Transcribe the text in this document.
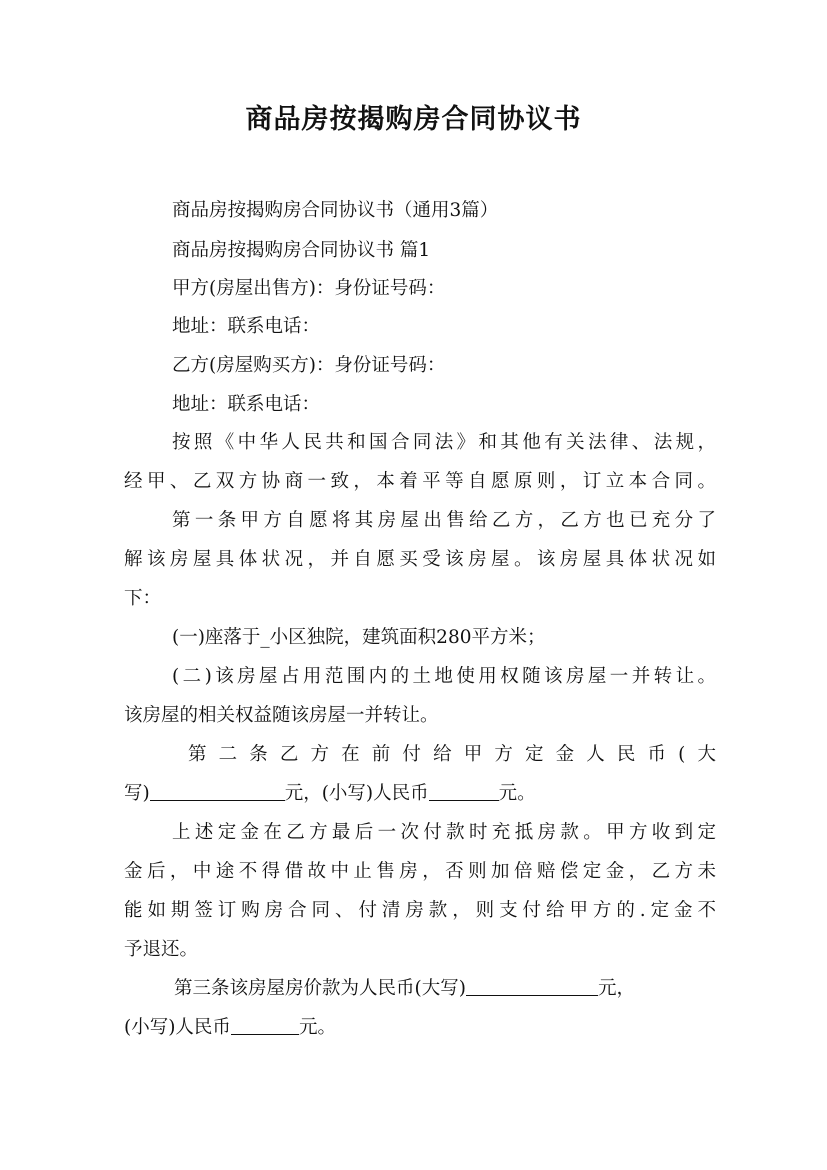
商品房按揭购房合同协议书

商品房按揭购房合同协议书（通用3篇）

商品房按揭购房合同协议书 篇1

甲方(房屋出售方)：身份证号码：

地址：联系电话：

乙方(房屋购买方)：身份证号码：

地址：联系电话：

按照《中华人民共和国合同法》和其他有关法律、法规，

经甲、乙双方协商一致，本着平等自愿原则，订立本合同。

第一条甲方自愿将其房屋出售给乙方，乙方也已充分了

解该房屋具体状况，并自愿买受该房屋。该房屋具体状况如

下：

(一)座落于_小区独院，建筑面积280平方米；

(二)该房屋占用范围内的土地使用权随该房屋一并转让。

该房屋的相关权益随该房屋一并转让。

第二条乙方在前付给甲方定金人民币(大

写)	元，(小写)人民币	元。

上述定金在乙方最后一次付款时充抵房款。甲方收到定

金后，中途不得借故中止售房，否则加倍赔偿定金，乙方未

能如期签订购房合同、付清房款，则支付给甲方的.定金不

予退还。

第三条该房屋房价款为人民币(大写)	元，

(小写)人民币	元。
